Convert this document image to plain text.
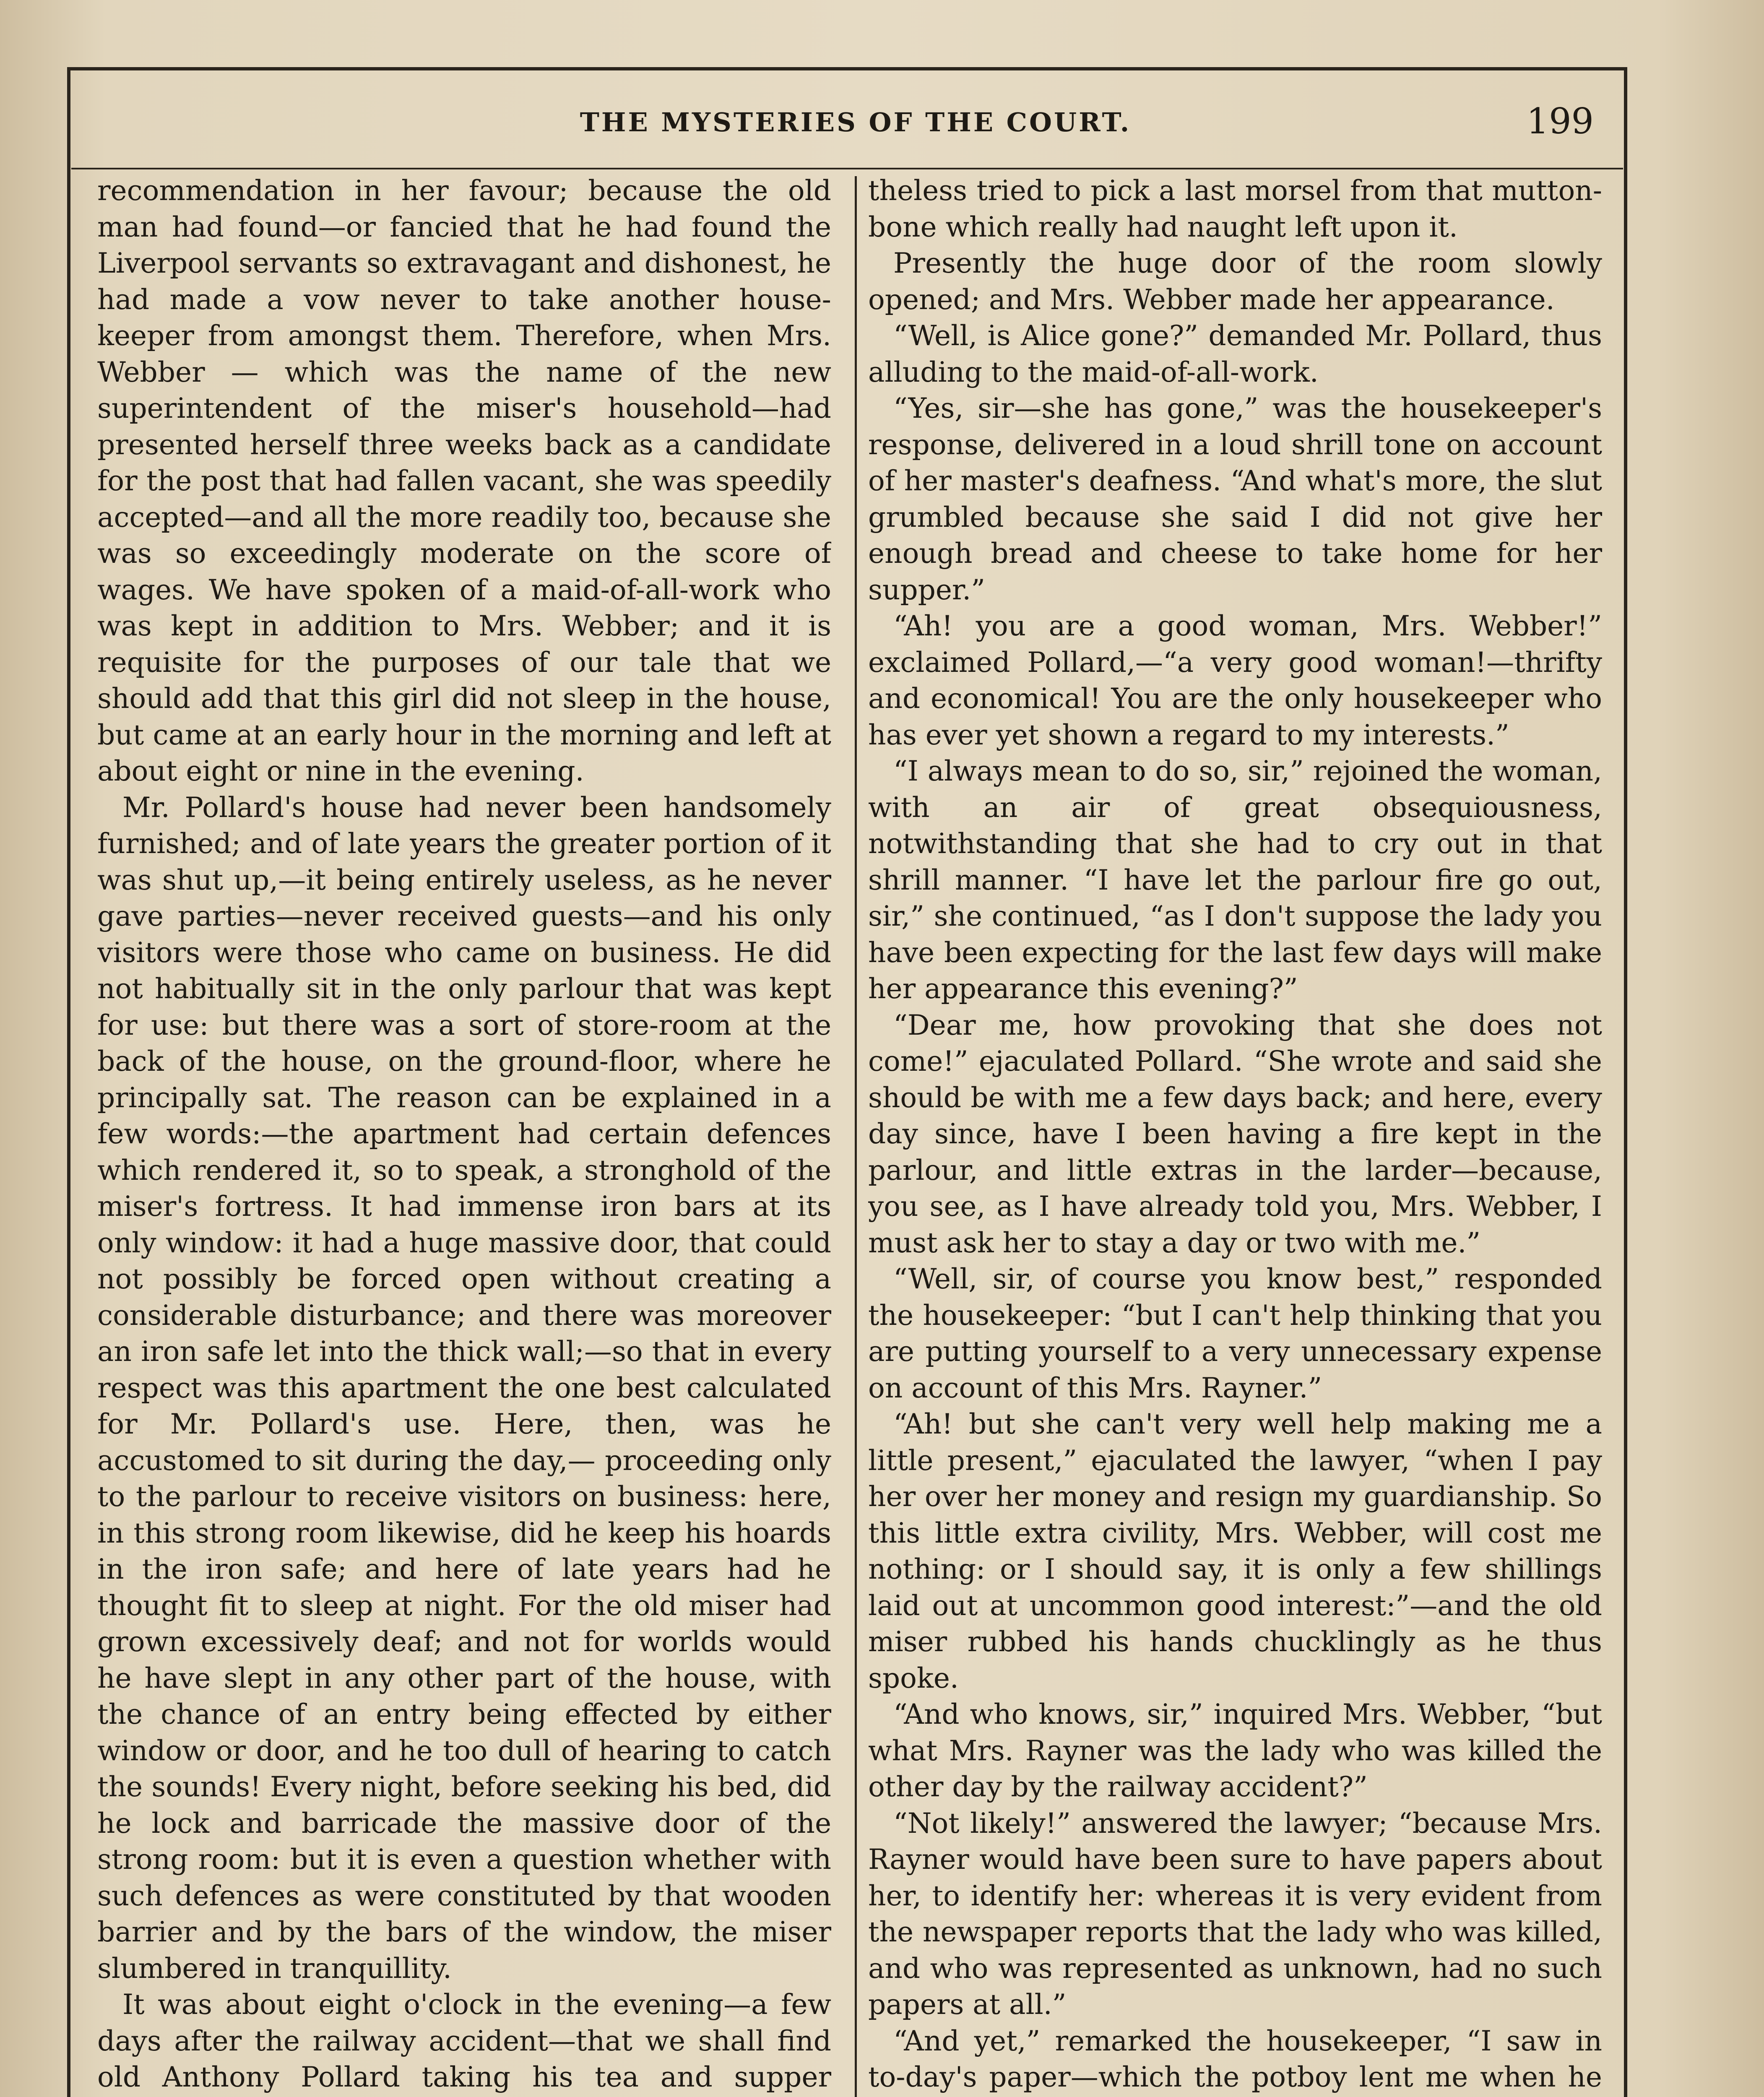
THE MYSTERIES OF THE COURT.	199

recommendation in her favour; because the old man had found—or fancied that he had found the Liverpool servants so extravagant and dishonest, he had made a vow never to take another house-keeper from amongst them. Therefore, when Mrs. Webber — which was the name of the new superintendent of the miser's household—had presented herself three weeks back as a candidate for the post that had fallen vacant, she was speedily accepted—and all the more readily too, because she was so exceedingly moderate on the score of wages. We have spoken of a maid-of-all-work who was kept in addition to Mrs. Webber; and it is requisite for the purposes of our tale that we should add that this girl did not sleep in the house, but came at an early hour in the morning and left at about eight or nine in the evening.

Mr. Pollard's house had never been handsomely furnished; and of late years the greater portion of it was shut up,—it being entirely useless, as he never gave parties—never received guests—and his only visitors were those who came on business. He did not habitually sit in the only parlour that was kept for use: but there was a sort of store-room at the back of the house, on the ground-floor, where he principally sat. The reason can be explained in a few words:—the apartment had certain defences which rendered it, so to speak, a stronghold of the miser's fortress. It had immense iron bars at its only window: it had a huge massive door, that could not possibly be forced open without creating a considerable disturbance; and there was moreover an iron safe let into the thick wall;—so that in every respect was this apartment the one best calculated for Mr. Pollard's use. Here, then, was he accustomed to sit during the day,— proceeding only to the parlour to receive visitors on business: here, in this strong room likewise, did he keep his hoards in the iron safe; and here of late years had he thought fit to sleep at night. For the old miser had grown excessively deaf; and not for worlds would he have slept in any other part of the house, with the chance of an entry being effected by either window or door, and he too dull of hearing to catch the sounds! Every night, before seeking his bed, did he lock and barricade the massive door of the strong room: but it is even a question whether with such defences as were constituted by that wooden barrier and by the bars of the window, the miser slumbered in tranquillity.

It was about eight o'clock in the evening—a few days after the railway accident—that we shall find old Anthony Pollard taking his tea and supper

theless tried to pick a last morsel from that mutton-bone which really had naught left upon it.

Presently the huge door of the room slowly opened; and Mrs. Webber made her appearance.

“Well, is Alice gone?” demanded Mr. Pollard, thus alluding to the maid-of-all-work.

“Yes, sir—she has gone,” was the housekeeper's response, delivered in a loud shrill tone on account of her master's deafness. “And what's more, the slut grumbled because she said I did not give her enough bread and cheese to take home for her supper.”

“Ah! you are a good woman, Mrs. Webber!” exclaimed Pollard,—“a very good woman!—thrifty and economical! You are the only housekeeper who has ever yet shown a regard to my interests.”

“I always mean to do so, sir,” rejoined the woman, with an air of great obsequiousness, notwithstanding that she had to cry out in that shrill manner. “I have let the parlour fire go out, sir,” she continued, “as I don't suppose the lady you have been expecting for the last few days will make her appearance this evening?”

“Dear me, how provoking that she does not come!” ejaculated Pollard. “She wrote and said she should be with me a few days back; and here, every day since, have I been having a fire kept in the parlour, and little extras in the larder—because, you see, as I have already told you, Mrs. Webber, I must ask her to stay a day or two with me.”

“Well, sir, of course you know best,” responded the housekeeper: “but I can't help thinking that you are putting yourself to a very unnecessary expense on account of this Mrs. Rayner.”

“Ah! but she can't very well help making me a little present,” ejaculated the lawyer, “when I pay her over her money and resign my guardianship. So this little extra civility, Mrs. Webber, will cost me nothing: or I should say, it is only a few shillings laid out at uncommon good interest:”—and the old miser rubbed his hands chucklingly as he thus spoke.

“And who knows, sir,” inquired Mrs. Webber, “but what Mrs. Rayner was the lady who was killed the other day by the railway accident?”

“Not likely!” answered the lawyer; “because Mrs. Rayner would have been sure to have papers about her, to identify her: whereas it is very evident from the newspaper reports that the lady who was killed, and who was represented as unknown, had no such papers at all.”

“And yet,” remarked the housekeeper, “I saw in to-day's paper—which the potboy lent me when he
